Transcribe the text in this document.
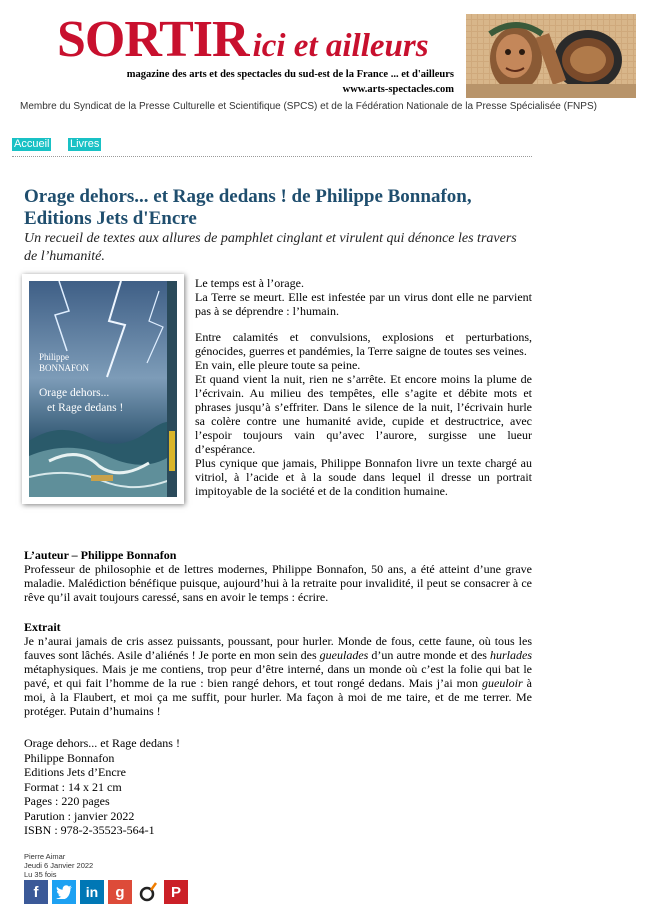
SORTIR ici et ailleurs
magazine des arts et des spectacles du sud-est de la France ... et d'ailleurs
www.arts-spectacles.com
Membre du Syndicat de la Presse Culturelle et Scientifique (SPCS) et de la Fédération Nationale de la Presse Spécialisée (FNPS)
Accueil Livres
Orage dehors... et Rage dedans ! de Philippe Bonnafon, Editions Jets d'Encre
Un recueil de textes aux allures de pamphlet cinglant et virulent qui dénonce les travers de l’humanité.
Philippe
BONNAFON
Orage dehors...
et Rage dedans !

Le temps est à l’orage.

La Terre se meurt. Elle est infestée par un virus dont elle ne parvient pas à se déprendre : l’humain.

Entre calamités et convulsions, explosions et perturbations, génocides, guerres et pandémies, la Terre saigne de toutes ses veines.

En vain, elle pleure toute sa peine.

Et quand vient la nuit, rien ne s’arrête. Et encore moins la plume de l’écrivain. Au milieu des tempêtes, elle s’agite et débite mots et phrases jusqu’à s’effriter. Dans le silence de la nuit, l’écrivain hurle sa colère contre une humanité avide, cupide et destructrice, avec l’espoir toujours vain qu’avec l’aurore, surgisse une lueur d’espérance.

Plus cynique que jamais, Philippe Bonnafon livre un texte chargé au vitriol, à l’acide et à la soude dans lequel il dresse un portrait impitoyable de la société et de la condition humaine.

L’auteur – Philippe Bonnafon
Professeur de philosophie et de lettres modernes, Philippe Bonnafon, 50 ans, a été atteint d’une grave maladie. Malédiction bénéfique puisque, aujourd’hui à la retraite pour invalidité, il peut se consacrer à ce rêve qu’il avait toujours caressé, sans en avoir le temps : écrire.
Extrait
Je n’aurai jamais de cris assez puissants, poussant, pour hurler. Monde de fous, cette faune, où tous les fauves sont lâchés. Asile d’aliénés ! Je porte en mon sein des gueulades d’un autre monde et des hurlades métaphysiques. Mais je me contiens, trop peur d’être interné, dans un monde où c’est la folie qui bat le pavé, et qui fait l’homme de la rue : bien rangé dehors, et tout rongé dedans. Mais j’ai mon gueuloir à moi, à la Flaubert, et moi ça me suffit, pour hurler. Ma façon à moi de me taire, et de me terrer. Me protéger. Putain d’humains !
Orage dehors... et Rage dedans !
Philippe Bonnafon
Editions Jets d’Encre
Format : 14 x 21 cm
Pages : 220 pages
Parution : janvier 2022
ISBN : 978-2-35523-564-1
Pierre Aimar
Jeudi 6 Janvier 2022
Lu 35 fois
f	in g	P
